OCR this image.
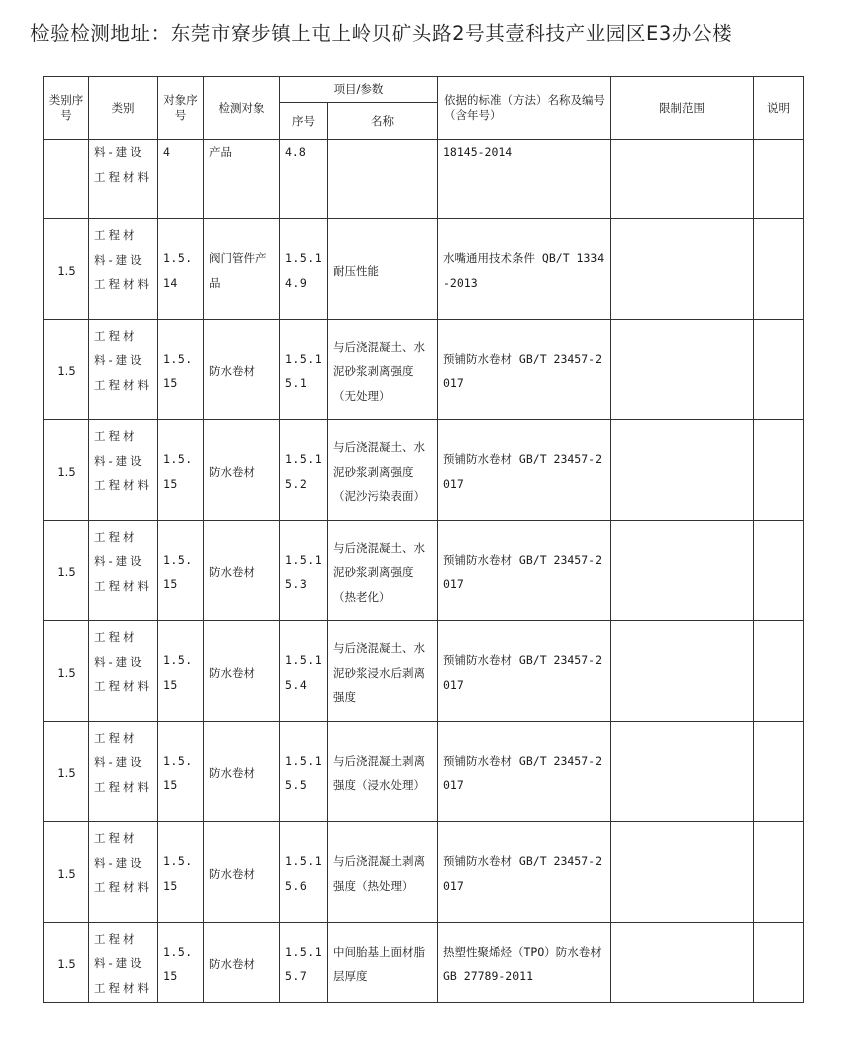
检验检测地址：东莞市寮步镇上屯上岭贝矿头路2号其壹科技产业园区E3办公楼
类别序号	类别	对象序号	检测对象	项目/参数		依据的标准（方法）名称及编号（含年号）	限制范围	说明
				序号	名称			
	料-建设工程材料	4	产品	4.8		18145-2014		
1.5	工程材料-建设工程材料	1.5.14	阀门管件产品	1.5.14.9	耐压性能	水嘴通用技术条件 QB/T 1334-2013		
1.5	工程材料-建设工程材料	1.5.15	防水卷材	1.5.15.1	与后浇混凝土、水泥砂浆剥离强度（无处理）	预铺防水卷材 GB/T 23457-2017		
1.5	工程材料-建设工程材料	1.5.15	防水卷材	1.5.15.2	与后浇混凝土、水泥砂浆剥离强度（泥沙污染表面）	预铺防水卷材 GB/T 23457-2017		
1.5	工程材料-建设工程材料	1.5.15	防水卷材	1.5.15.3	与后浇混凝土、水泥砂浆剥离强度（热老化）	预铺防水卷材 GB/T 23457-2017		
1.5	工程材料-建设工程材料	1.5.15	防水卷材	1.5.15.4	与后浇混凝土、水泥砂浆浸水后剥离强度	预铺防水卷材 GB/T 23457-2017		
1.5	工程材料-建设工程材料	1.5.15	防水卷材	1.5.15.5	与后浇混凝土剥离强度（浸水处理）	预铺防水卷材 GB/T 23457-2017		
1.5	工程材料-建设工程材料	1.5.15	防水卷材	1.5.15.6	与后浇混凝土剥离强度（热处理）	预铺防水卷材 GB/T 23457-2017		
1.5	工程材料-建设工程材料	1.5.15	防水卷材	1.5.15.7	中间胎基上面材脂层厚度	热塑性聚烯烃（TPO）防水卷材 GB 27789-2011		
